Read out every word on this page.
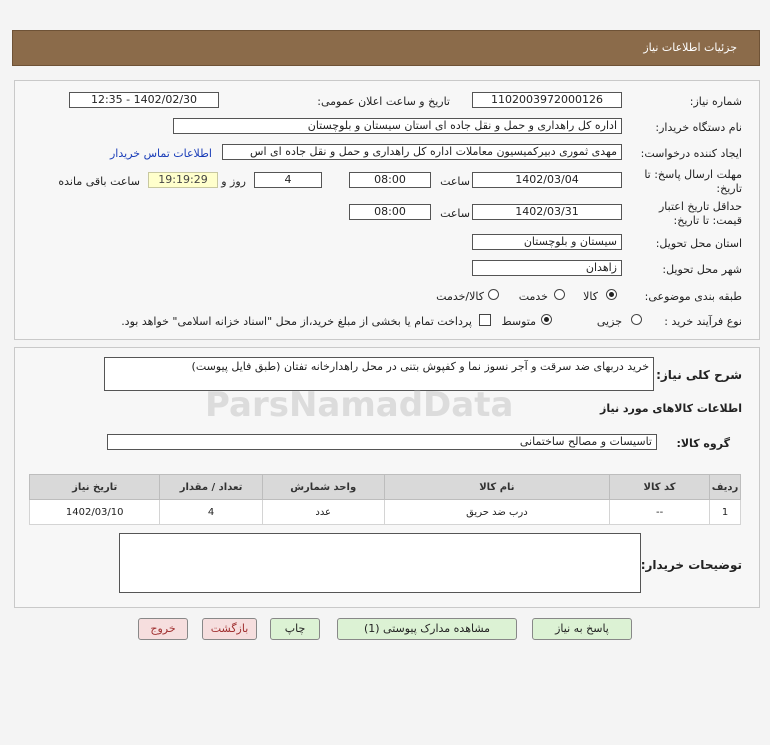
جزئیات اطلاعات نیاز
شماره نیاز:
1102003972000126
تاریخ و ساعت اعلان عمومی:
1402/02/30 - 12:35
نام دستگاه خریدار:
اداره کل راهداری و حمل و نقل جاده ای استان سیستان و بلوچستان
ایجاد کننده درخواست:
مهدی ثموری دبیرکمیسیون معاملات اداره کل راهداری و حمل و نقل جاده ای اس
اطلاعات تماس خریدار
مهلت ارسال پاسخ: تا تاریخ:
1402/03/04
ساعت
08:00
4
روز و
19:19:29
ساعت باقی مانده
حداقل تاریخ اعتبار
قیمت: تا تاریخ:
1402/03/31
ساعت
08:00
استان محل تحویل:
سیستان و بلوچستان
شهر محل تحویل:
زاهدان
طبقه بندی موضوعی:
کالا
خدمت
کالا/خدمت
نوع فرآیند خرید :
جزیی
متوسط
پرداخت تمام یا بخشی از مبلغ خرید،از محل "اسناد خزانه اسلامی" خواهد بود.
شرح کلی نیاز:
خرید دربهای ضد سرقت و آجر نسوز نما و کفپوش بتنی در محل راهدارخانه تفتان (طبق فایل پیوست)
اطلاعات کالاهای مورد نیاز
گروه کالا:
تاسیسات و مصالح ساختمانی
ردیف	کد کالا	نام کالا	واحد شمارش	تعداد / مقدار	تاریخ نیاز
1	--	درب ضد حریق	عدد	4	1402/03/10
توضیحات خریدار:
ParsNamadData
پاسخ به نیاز
مشاهده مدارک پیوستی (1)
چاپ
بازگشت
خروج
